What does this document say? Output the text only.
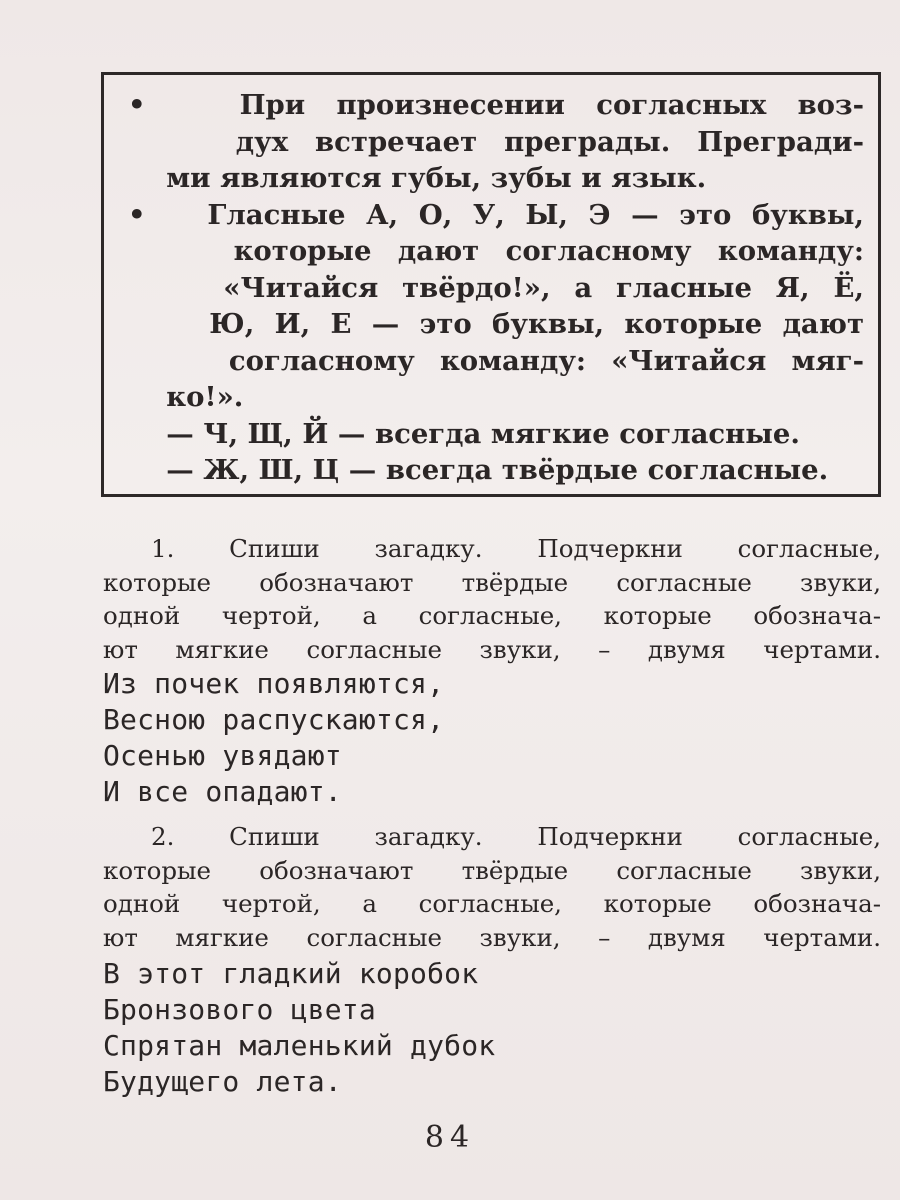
•   При произнесении согласных воз-
дух встречает преграды. Прегради-
ми являются губы, зубы и язык.
•   Гласные А, О, У, Ы, Э — это буквы,
которые дают согласному команду:
«Читайся твёрдо!», а гласные Я, Ё,
Ю, И, Е — это буквы, которые дают
согласному команду: «Читайся мяг-
ко!».
— Ч, Щ, Й — всегда мягкие согласные.
— Ж, Ш, Ц — всегда твёрдые согласные.
1. Спиши загадку. Подчеркни согласные,
которые обозначают твёрдые согласные звуки,
одной чертой, а согласные, которые обознача-
ют мягкие согласные звуки, – двумя чертами.
Из почек появляются,
Весною распускаются,
Осенью увядают
И все опадают.
2. Спиши загадку. Подчеркни согласные,
которые обозначают твёрдые согласные звуки,
одной чертой, а согласные, которые обознача-
ют мягкие согласные звуки, – двумя чертами.
В этот гладкий коробок
Бронзового цвета
Спрятан маленький дубок
Будущего лета.
84
